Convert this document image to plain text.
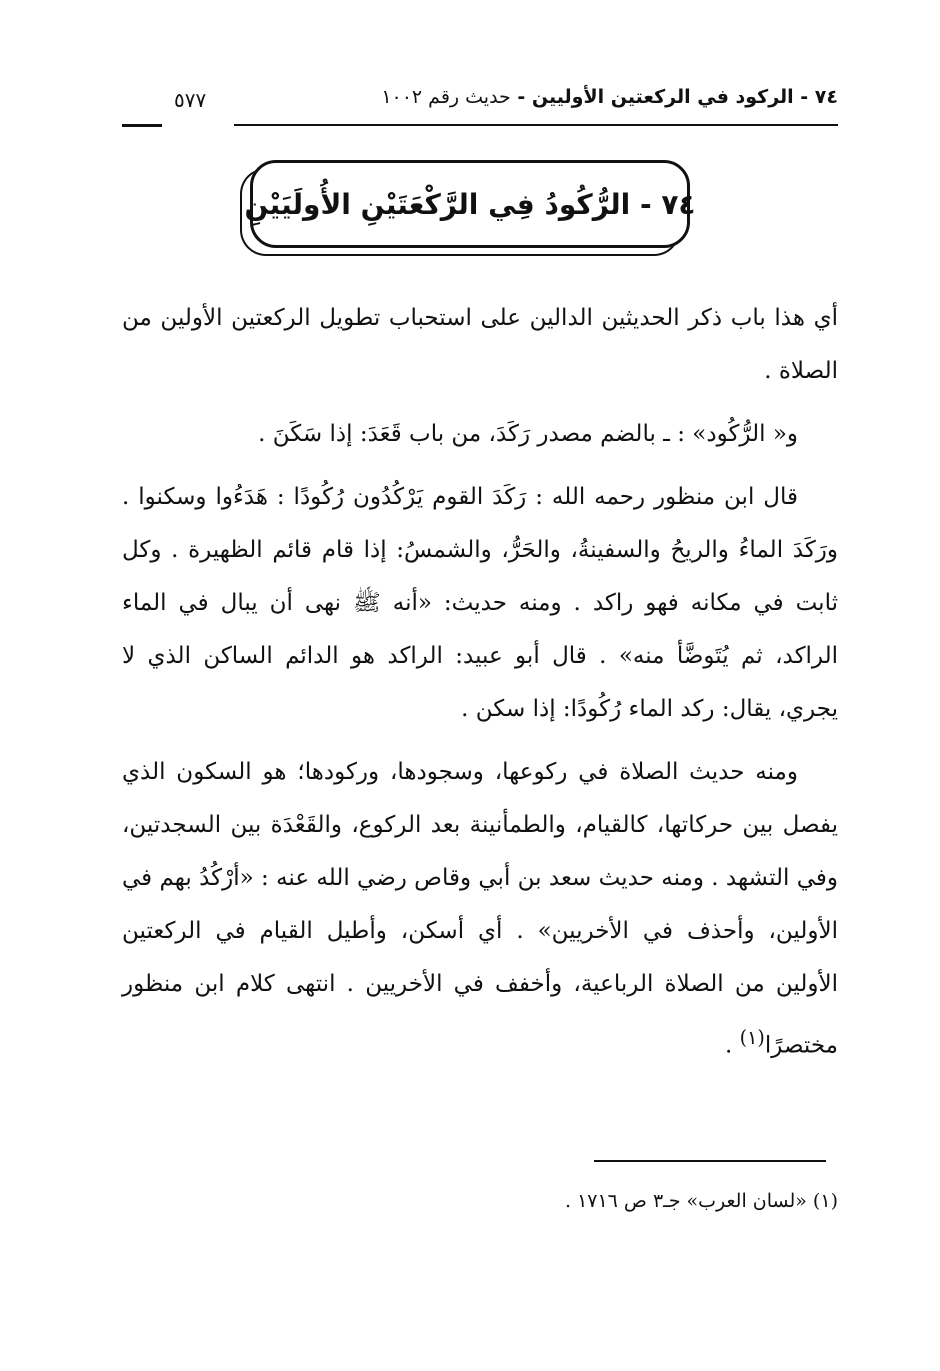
٧٤ - الركود في الركعتين الأوليين - حديث رقم ١٠٠٢
٥٧٧
٧٤ - الرُّكُودُ فِي الرَّكْعَتَيْنِ الأُولَيَيْنِ

أي هذا باب ذكر الحديثين الدالين على استحباب تطويل الركعتين الأولين من الصلاة .

و« الرُّكُود» : ـ بالضم مصدر رَكَدَ، من باب قَعَدَ: إذا سَكَنَ .

قال ابن منظور رحمه الله : رَكَدَ القوم يَرْكُدُون رُكُودًا : هَدَءُوا وسكنوا . ورَكَدَ الماءُ والريحُ والسفينةُ، والحَرُّ، والشمسُ: إذا قام قائم الظهيرة . وكل ثابت في مكانه فهو راكد . ومنه حديث: «أنه ﷺ نهى أن يبال في الماء الراكد، ثم يُتَوضَّأ منه» . قال أبو عبيد: الراكد هو الدائم الساكن الذي لا يجري، يقال: ركد الماء رُكُودًا: إذا سكن .

ومنه حديث الصلاة في ركوعها، وسجودها، وركودها؛ هو السكون الذي يفصل بين حركاتها، كالقيام، والطمأنينة بعد الركوع، والقَعْدَة بين السجدتين، وفي التشهد . ومنه حديث سعد بن أبي وقاص رضي الله عنه : «أرْكُدُ بهم في الأولين، وأحذف في الأخريين» . أي أسكن، وأطيل القيام في الركعتين الأولين من الصلاة الرباعية، وأخفف في الأخريين . انتهى كلام ابن منظور مختصرًا$^{(١)}$ .

(١) «لسان العرب» جـ٣ ص ١٧١٦ .
